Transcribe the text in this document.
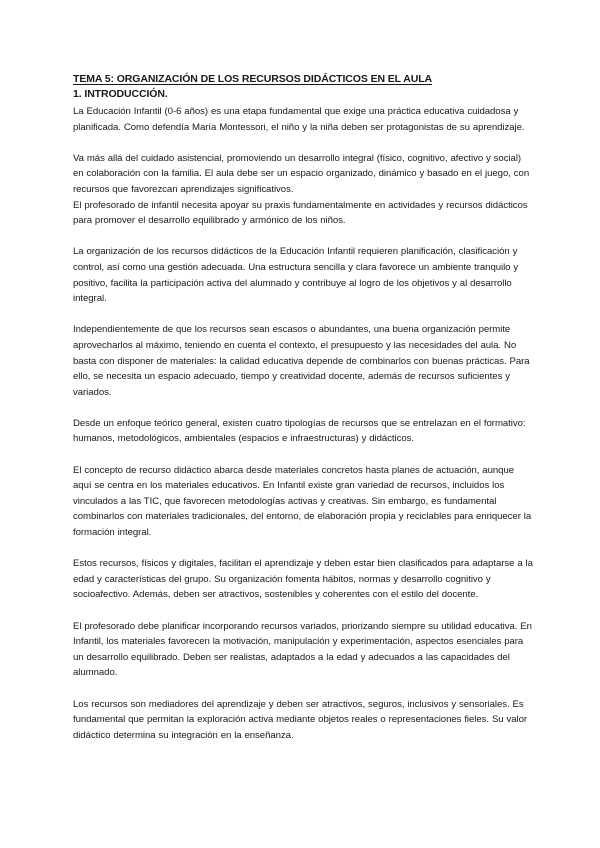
TEMA 5: ORGANIZACIÓN DE LOS RECURSOS DIDÁCTICOS EN EL AULA

1. INTRODUCCIÓN.

La Educación Infantil (0-6 años) es una etapa fundamental que exige una práctica educativa cuidadosa y planificada. Como defendía María Montessori, el niño y la niña deben ser protagonistas de su aprendizaje.

Va más allá del cuidado asistencial, promoviendo un desarrollo integral (físico, cognitivo, afectivo y social) en colaboración con la familia. El aula debe ser un espacio organizado, dinámico y basado en el juego, con recursos que favorezcan aprendizajes significativos.

El profesorado de infantil necesita apoyar su praxis fundamentalmente en actividades y recursos didácticos para promover el desarrollo equilibrado y armónico de los niños.

La organización de los recursos didácticos de la Educación Infantil requieren planificación, clasificación y control, así como una gestión adecuada. Una estructura sencilla y clara favorece un ambiente tranquilo y positivo, facilita la participación activa del alumnado y contribuye al logro de los objetivos y al desarrollo integral.

Independientemente de que los recursos sean escasos o abundantes, una buena organización permite aprovecharlos al máximo, teniendo en cuenta el contexto, el presupuesto y las necesidades del aula. No basta con disponer de materiales: la calidad educativa depende de combinarlos con buenas prácticas. Para ello, se necesita un espacio adecuado, tiempo y creatividad docente, además de recursos suficientes y variados.

Desde un enfoque teórico general, existen cuatro tipologías de recursos que se entrelazan en el formativo: humanos, metodológicos, ambientales (espacios e infraestructuras) y didácticos.

El concepto de recurso didáctico abarca desde materiales concretos hasta planes de actuación, aunque aquí se centra en los materiales educativos. En Infantil existe gran variedad de recursos, incluidos los vinculados a las TIC, que favorecen metodologías activas y creativas. Sin embargo, es fundamental combinarlos con materiales tradicionales, del entorno, de elaboración propia y reciclables para enriquecer la formación integral.

Estos recursos, físicos y digitales, facilitan el aprendizaje y deben estar bien clasificados para adaptarse a la edad y características del grupo. Su organización fomenta hábitos, normas y desarrollo cognitivo y socioafectivo. Además, deben ser atractivos, sostenibles y coherentes con el estilo del docente.

El profesorado debe planificar incorporando recursos variados, priorizando siempre su utilidad educativa. En Infantil, los materiales favorecen la motivación, manipulación y experimentación, aspectos esenciales para un desarrollo equilibrado. Deben ser realistas, adaptados a la edad y adecuados a las capacidades del alumnado.

Los recursos son mediadores del aprendizaje y deben ser atractivos, seguros, inclusivos y sensoriales. Es fundamental que permitan la exploración activa mediante objetos reales o representaciones fieles. Su valor didáctico determina su integración en la enseñanza.
